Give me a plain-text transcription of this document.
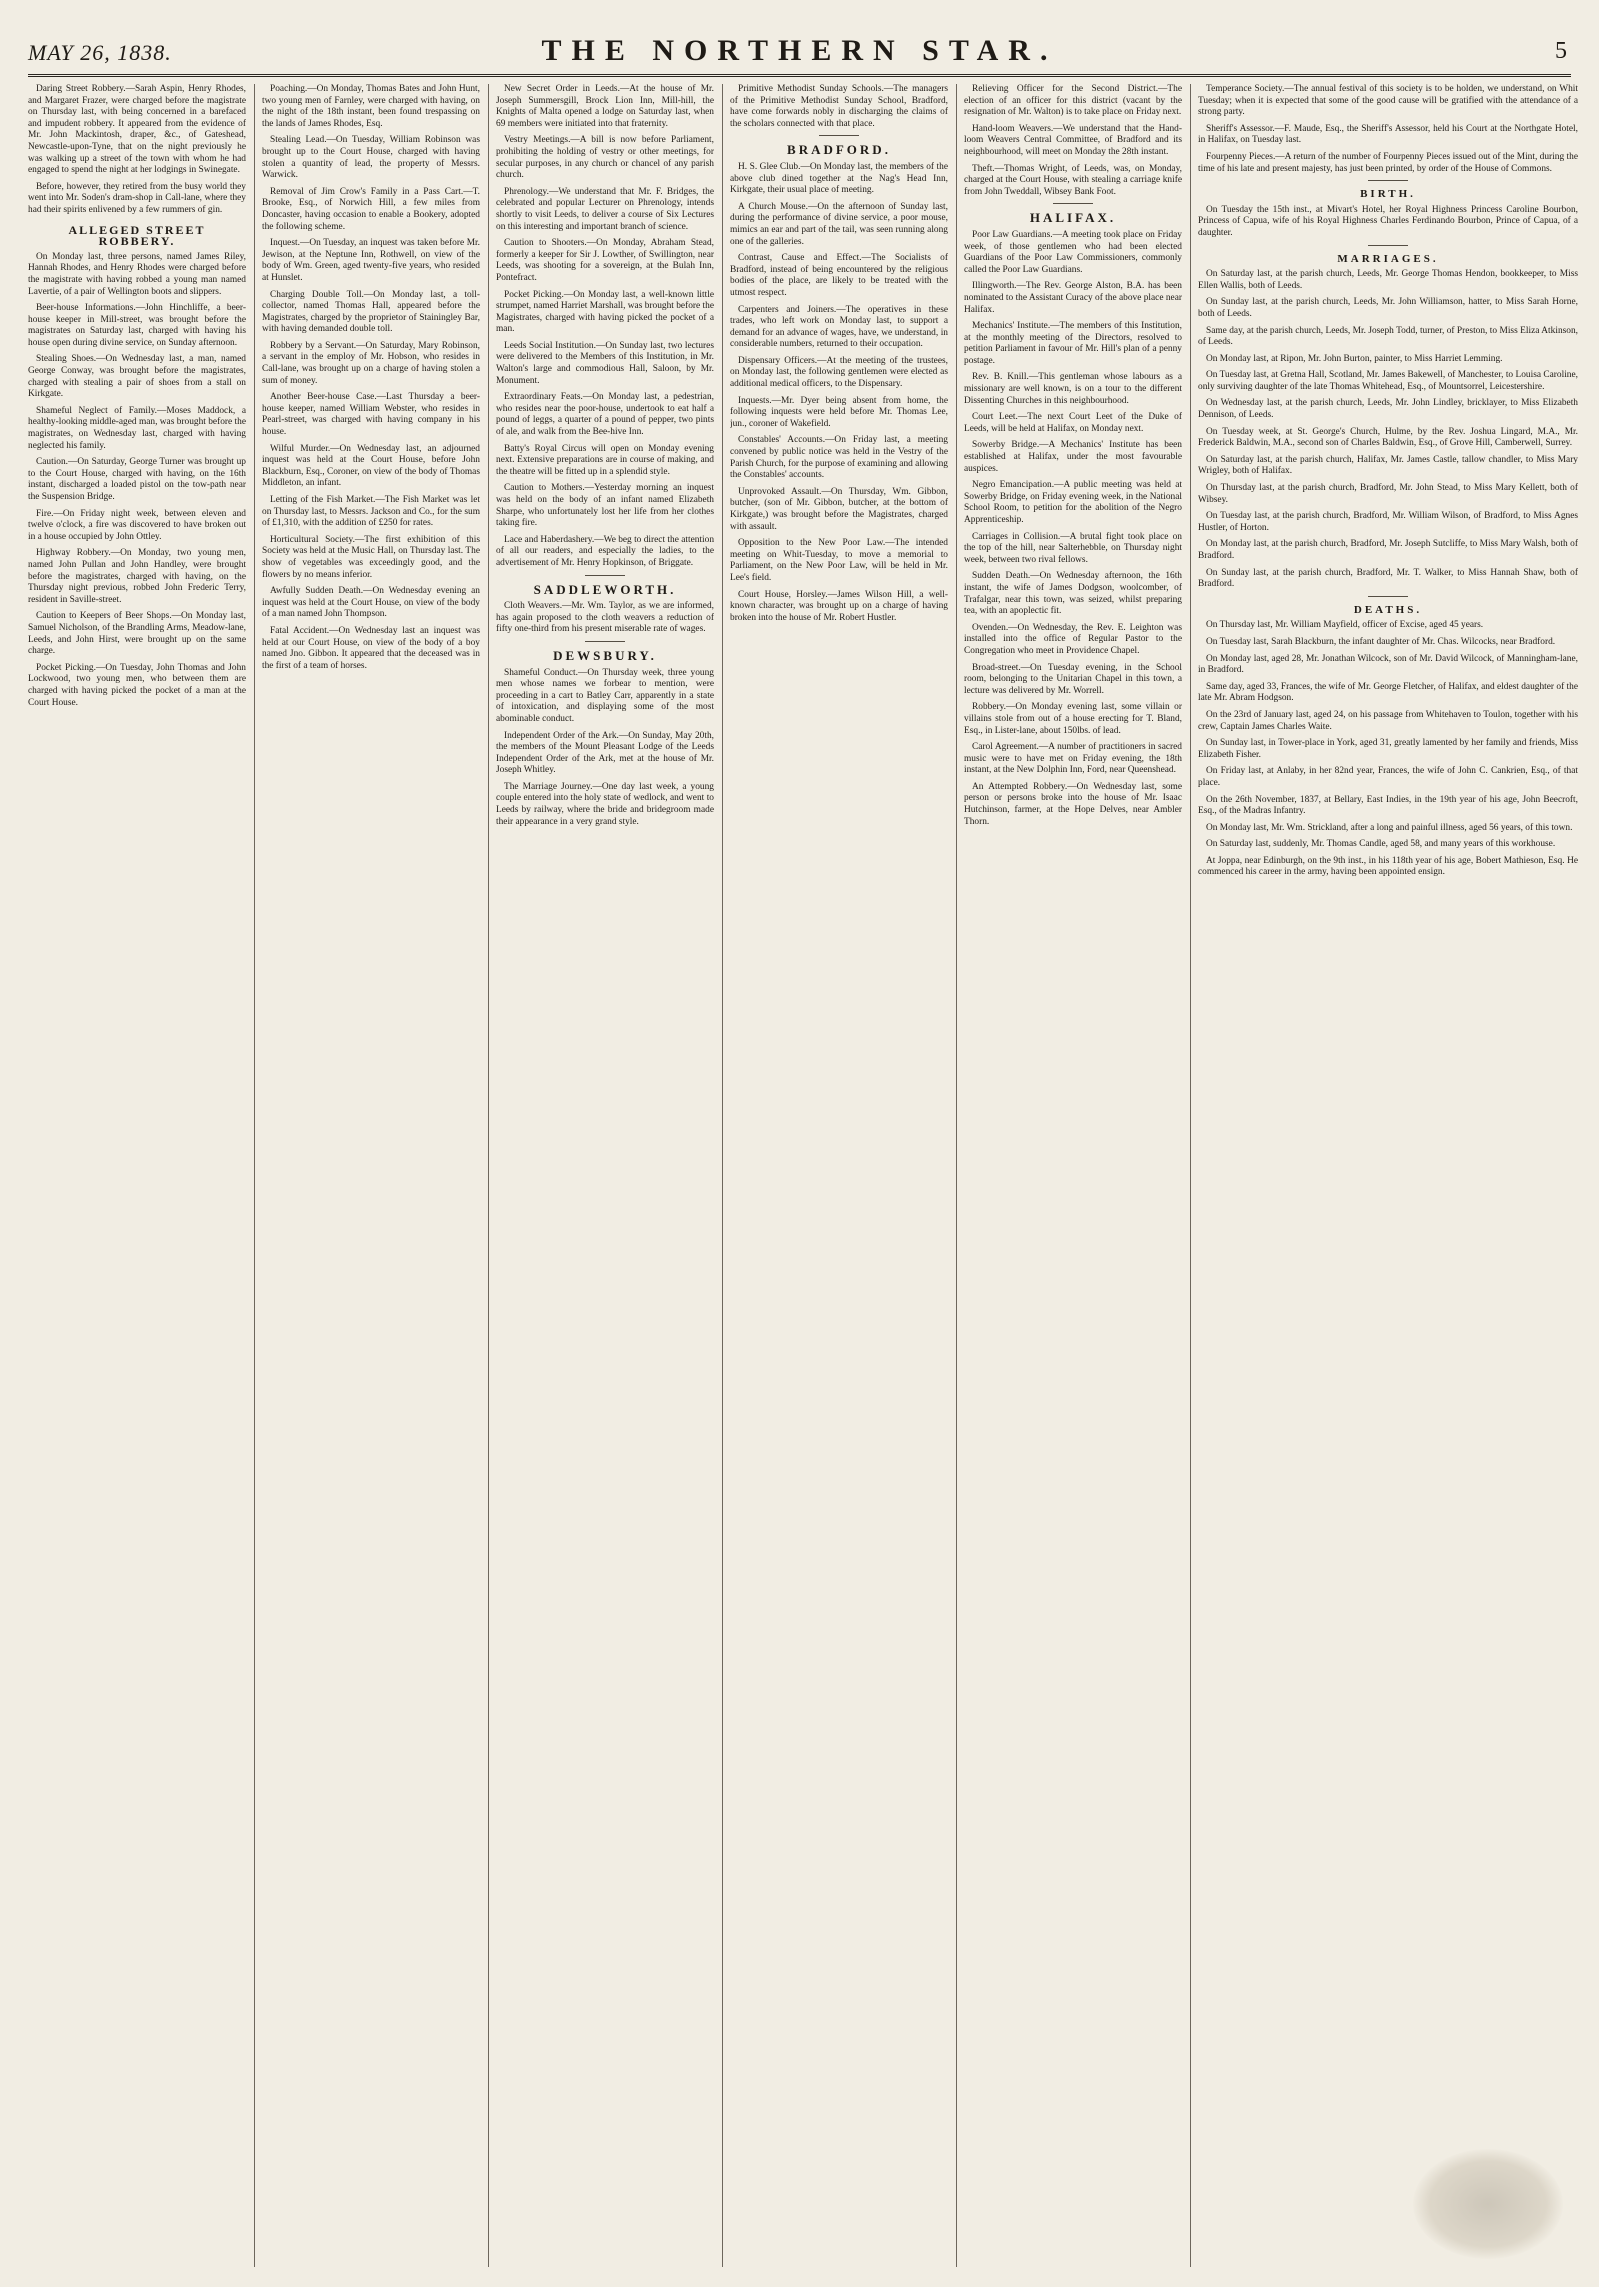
MAY 26, 1838.	THE NORTHERN STAR.	5

Daring Street Robbery.—Sarah Aspin, Henry Rhodes, and Margaret Frazer, were charged before the magistrate on Thursday last, with being concerned in a barefaced and impudent robbery. It appeared from the evidence of Mr. John Mackintosh, draper, &c., of Gateshead, Newcastle-upon-Tyne, that on the night previously he was walking up a street of the town with whom he had engaged to spend the night at her lodgings in Swinegate.

Before, however, they retired from the busy world they went into Mr. Soden's dram-shop in Call-lane, where they had their spirits enlivened by a few rummers of gin.

ALLEGED STREET ROBBERY.

On Monday last, three persons, named James Riley, Hannah Rhodes, and Henry Rhodes were charged before the magistrate with having robbed a young man named Lavertie, of a pair of Wellington boots and slippers.

Beer-house Informations.—John Hinchliffe, a beer-house keeper in Mill-street, was brought before the magistrates on Saturday last, charged with having his house open during divine service, on Sunday afternoon.

Stealing Shoes.—On Wednesday last, a man, named George Conway, was brought before the magistrates, charged with stealing a pair of shoes from a stall on Kirkgate.

Shameful Neglect of Family.—Moses Maddock, a healthy-looking middle-aged man, was brought before the magistrates, on Wednesday last, charged with having neglected his family.

Caution.—On Saturday, George Turner was brought up to the Court House, charged with having, on the 16th instant, discharged a loaded pistol on the tow-path near the Suspension Bridge.

Fire.—On Friday night week, between eleven and twelve o'clock, a fire was discovered to have broken out in a house occupied by John Ottley.

Highway Robbery.—On Monday, two young men, named John Pullan and John Handley, were brought before the magistrates, charged with having, on the Thursday night previous, robbed John Frederic Terry, resident in Saville-street.

Caution to Keepers of Beer Shops.—On Monday last, Samuel Nicholson, of the Brandling Arms, Meadow-lane, Leeds, and John Hirst, were brought up on the same charge.

Pocket Picking.—On Tuesday, John Thomas and John Lockwood, two young men, who between them are charged with having picked the pocket of a man at the Court House.

Poaching.—On Monday, Thomas Bates and John Hunt, two young men of Farnley, were charged with having, on the night of the 18th instant, been found trespassing on the lands of James Rhodes, Esq.

Stealing Lead.—On Tuesday, William Robinson was brought up to the Court House, charged with having stolen a quantity of lead, the property of Messrs. Warwick.

Removal of Jim Crow's Family in a Pass Cart.—T. Brooke, Esq., of Norwich Hill, a few miles from Doncaster, having occasion to enable a Bookery, adopted the following scheme.

Inquest.—On Tuesday, an inquest was taken before Mr. Jewison, at the Neptune Inn, Rothwell, on view of the body of Wm. Green, aged twenty-five years, who resided at Hunslet.

Charging Double Toll.—On Monday last, a toll-collector, named Thomas Hall, appeared before the Magistrates, charged by the proprietor of Stainingley Bar, with having demanded double toll.

Robbery by a Servant.—On Saturday, Mary Robinson, a servant in the employ of Mr. Hobson, who resides in Call-lane, was brought up on a charge of having stolen a sum of money.

Another Beer-house Case.—Last Thursday a beer-house keeper, named William Webster, who resides in Pearl-street, was charged with having company in his house.

Wilful Murder.—On Wednesday last, an adjourned inquest was held at the Court House, before John Blackburn, Esq., Coroner, on view of the body of Thomas Middleton, an infant.

Letting of the Fish Market.—The Fish Market was let on Thursday last, to Messrs. Jackson and Co., for the sum of £1,310, with the addition of £250 for rates.

Horticultural Society.—The first exhibition of this Society was held at the Music Hall, on Thursday last. The show of vegetables was exceedingly good, and the flowers by no means inferior.

Awfully Sudden Death.—On Wednesday evening an inquest was held at the Court House, on view of the body of a man named John Thompson.

Fatal Accident.—On Wednesday last an inquest was held at our Court House, on view of the body of a boy named Jno. Gibbon. It appeared that the deceased was in the first of a team of horses.

New Secret Order in Leeds.—At the house of Mr. Joseph Summersgill, Brock Lion Inn, Mill-hill, the Knights of Malta opened a lodge on Saturday last, when 69 members were initiated into that fraternity.

Vestry Meetings.—A bill is now before Parliament, prohibiting the holding of vestry or other meetings, for secular purposes, in any church or chancel of any parish church.

Phrenology.—We understand that Mr. F. Bridges, the celebrated and popular Lecturer on Phrenology, intends shortly to visit Leeds, to deliver a course of Six Lectures on this interesting and important branch of science.

Caution to Shooters.—On Monday, Abraham Stead, formerly a keeper for Sir J. Lowther, of Swillington, near Leeds, was shooting for a sovereign, at the Bulah Inn, Pontefract.

Pocket Picking.—On Monday last, a well-known little strumpet, named Harriet Marshall, was brought before the Magistrates, charged with having picked the pocket of a man.

Leeds Social Institution.—On Sunday last, two lectures were delivered to the Members of this Institution, in Mr. Walton's large and commodious Hall, Saloon, by Mr. Monument.

Extraordinary Feats.—On Monday last, a pedestrian, who resides near the poor-house, undertook to eat half a pound of leggs, a quarter of a pound of pepper, two pints of ale, and walk from the Bee-hive Inn.

Batty's Royal Circus will open on Monday evening next. Extensive preparations are in course of making, and the theatre will be fitted up in a splendid style.

Caution to Mothers.—Yesterday morning an inquest was held on the body of an infant named Elizabeth Sharpe, who unfortunately lost her life from her clothes taking fire.

Lace and Haberdashery.—We beg to direct the attention of all our readers, and especially the ladies, to the advertisement of Mr. Henry Hopkinson, of Briggate.

SADDLEWORTH.

Cloth Weavers.—Mr. Wm. Taylor, as we are informed, has again proposed to the cloth weavers a reduction of fifty one-third from his present miserable rate of wages.

DEWSBURY.

Shameful Conduct.—On Thursday week, three young men whose names we forbear to mention, were proceeding in a cart to Batley Carr, apparently in a state of intoxication, and displaying some of the most abominable conduct.

Independent Order of the Ark.—On Sunday, May 20th, the members of the Mount Pleasant Lodge of the Leeds Independent Order of the Ark, met at the house of Mr. Joseph Whitley.

The Marriage Journey.—One day last week, a young couple entered into the holy state of wedlock, and went to Leeds by railway, where the bride and bridegroom made their appearance in a very grand style.

Primitive Methodist Sunday Schools.—The managers of the Primitive Methodist Sunday School, Bradford, have come forwards nobly in discharging the claims of the scholars connected with that place.

BRADFORD.

H. S. Glee Club.—On Monday last, the members of the above club dined together at the Nag's Head Inn, Kirkgate, their usual place of meeting.

A Church Mouse.—On the afternoon of Sunday last, during the performance of divine service, a poor mouse, mimics an ear and part of the tail, was seen running along one of the galleries.

Contrast, Cause and Effect.—The Socialists of Bradford, instead of being encountered by the religious bodies of the place, are likely to be treated with the utmost respect.

Carpenters and Joiners.—The operatives in these trades, who left work on Monday last, to support a demand for an advance of wages, have, we understand, in considerable numbers, returned to their occupation.

Dispensary Officers.—At the meeting of the trustees, on Monday last, the following gentlemen were elected as additional medical officers, to the Dispensary.

Inquests.—Mr. Dyer being absent from home, the following inquests were held before Mr. Thomas Lee, jun., coroner of Wakefield.

Constables' Accounts.—On Friday last, a meeting convened by public notice was held in the Vestry of the Parish Church, for the purpose of examining and allowing the Constables' accounts.

Unprovoked Assault.—On Thursday, Wm. Gibbon, butcher, (son of Mr. Gibbon, butcher, at the bottom of Kirkgate,) was brought before the Magistrates, charged with assault.

Opposition to the New Poor Law.—The intended meeting on Whit-Tuesday, to move a memorial to Parliament, on the New Poor Law, will be held in Mr. Lee's field.

Court House, Horsley.—James Wilson Hill, a well-known character, was brought up on a charge of having broken into the house of Mr. Robert Hustler.

Relieving Officer for the Second District.—The election of an officer for this district (vacant by the resignation of Mr. Walton) is to take place on Friday next.

Hand-loom Weavers.—We understand that the Hand-loom Weavers Central Committee, of Bradford and its neighbourhood, will meet on Monday the 28th instant.

Theft.—Thomas Wright, of Leeds, was, on Monday, charged at the Court House, with stealing a carriage knife from John Tweddall, Wibsey Bank Foot.

HALIFAX.

Poor Law Guardians.—A meeting took place on Friday week, of those gentlemen who had been elected Guardians of the Poor Law Commissioners, commonly called the Poor Law Guardians.

Illingworth.—The Rev. George Alston, B.A. has been nominated to the Assistant Curacy of the above place near Halifax.

Mechanics' Institute.—The members of this Institution, at the monthly meeting of the Directors, resolved to petition Parliament in favour of Mr. Hill's plan of a penny postage.

Rev. B. Knill.—This gentleman whose labours as a missionary are well known, is on a tour to the different Dissenting Churches in this neighbourhood.

Court Leet.—The next Court Leet of the Duke of Leeds, will be held at Halifax, on Monday next.

Sowerby Bridge.—A Mechanics' Institute has been established at Halifax, under the most favourable auspices.

Negro Emancipation.—A public meeting was held at Sowerby Bridge, on Friday evening week, in the National School Room, to petition for the abolition of the Negro Apprenticeship.

Carriages in Collision.—A brutal fight took place on the top of the hill, near Salterhebble, on Thursday night week, between two rival fellows.

Sudden Death.—On Wednesday afternoon, the 16th instant, the wife of James Dodgson, woolcomber, of Trafalgar, near this town, was seized, whilst preparing tea, with an apoplectic fit.

Ovenden.—On Wednesday, the Rev. E. Leighton was installed into the office of Regular Pastor to the Congregation who meet in Providence Chapel.

Broad-street.—On Tuesday evening, in the School room, belonging to the Unitarian Chapel in this town, a lecture was delivered by Mr. Worrell.

Robbery.—On Monday evening last, some villain or villains stole from out of a house erecting for T. Bland, Esq., in Lister-lane, about 150lbs. of lead.

Carol Agreement.—A number of practitioners in sacred music were to have met on Friday evening, the 18th instant, at the New Dolphin Inn, Ford, near Queenshead.

An Attempted Robbery.—On Wednesday last, some person or persons broke into the house of Mr. Isaac Hutchinson, farmer, at the Hope Delves, near Ambler Thorn.

Temperance Society.—The annual festival of this society is to be holden, we understand, on Whit Tuesday; when it is expected that some of the good cause will be gratified with the attendance of a strong party.

Sheriff's Assessor.—F. Maude, Esq., the Sheriff's Assessor, held his Court at the Northgate Hotel, in Halifax, on Tuesday last.

Fourpenny Pieces.—A return of the number of Fourpenny Pieces issued out of the Mint, during the time of his late and present majesty, has just been printed, by order of the House of Commons.

BIRTH.

On Tuesday the 15th inst., at Mivart's Hotel, her Royal Highness Princess Caroline Bourbon, Princess of Capua, wife of his Royal Highness Charles Ferdinando Bourbon, Prince of Capua, of a daughter.

MARRIAGES.

On Saturday last, at the parish church, Leeds, Mr. George Thomas Hendon, bookkeeper, to Miss Ellen Wallis, both of Leeds.

On Sunday last, at the parish church, Leeds, Mr. John Williamson, hatter, to Miss Sarah Horne, both of Leeds.

Same day, at the parish church, Leeds, Mr. Joseph Todd, turner, of Preston, to Miss Eliza Atkinson, of Leeds.

On Monday last, at Ripon, Mr. John Burton, painter, to Miss Harriet Lemming.

On Tuesday last, at Gretna Hall, Scotland, Mr. James Bakewell, of Manchester, to Louisa Caroline, only surviving daughter of the late Thomas Whitehead, Esq., of Mountsorrel, Leicestershire.

On Wednesday last, at the parish church, Leeds, Mr. John Lindley, bricklayer, to Miss Elizabeth Dennison, of Leeds.

On Tuesday week, at St. George's Church, Hulme, by the Rev. Joshua Lingard, M.A., Mr. Frederick Baldwin, M.A., second son of Charles Baldwin, Esq., of Grove Hill, Camberwell, Surrey.

On Saturday last, at the parish church, Halifax, Mr. James Castle, tallow chandler, to Miss Mary Wrigley, both of Halifax.

On Thursday last, at the parish church, Bradford, Mr. John Stead, to Miss Mary Kellett, both of Wibsey.

On Tuesday last, at the parish church, Bradford, Mr. William Wilson, of Bradford, to Miss Agnes Hustler, of Horton.

On Monday last, at the parish church, Bradford, Mr. Joseph Sutcliffe, to Miss Mary Walsh, both of Bradford.

On Sunday last, at the parish church, Bradford, Mr. T. Walker, to Miss Hannah Shaw, both of Bradford.

DEATHS.

On Thursday last, Mr. William Mayfield, officer of Excise, aged 45 years.

On Tuesday last, Sarah Blackburn, the infant daughter of Mr. Chas. Wilcocks, near Bradford.

On Monday last, aged 28, Mr. Jonathan Wilcock, son of Mr. David Wilcock, of Manningham-lane, in Bradford.

Same day, aged 33, Frances, the wife of Mr. George Fletcher, of Halifax, and eldest daughter of the late Mr. Abram Hodgson.

On the 23rd of January last, aged 24, on his passage from Whitehaven to Toulon, together with his crew, Captain James Charles Waite.

On Sunday last, in Tower-place in York, aged 31, greatly lamented by her family and friends, Miss Elizabeth Fisher.

On Friday last, at Anlaby, in her 82nd year, Frances, the wife of John C. Cankrien, Esq., of that place.

On the 26th November, 1837, at Bellary, East Indies, in the 19th year of his age, John Beecroft, Esq., of the Madras Infantry.

On Monday last, Mr. Wm. Strickland, after a long and painful illness, aged 56 years, of this town.

On Saturday last, suddenly, Mr. Thomas Candle, aged 58, and many years of this workhouse.

At Joppa, near Edinburgh, on the 9th inst., in his 118th year of his age, Bobert Mathieson, Esq. He commenced his career in the army, having been appointed ensign.
